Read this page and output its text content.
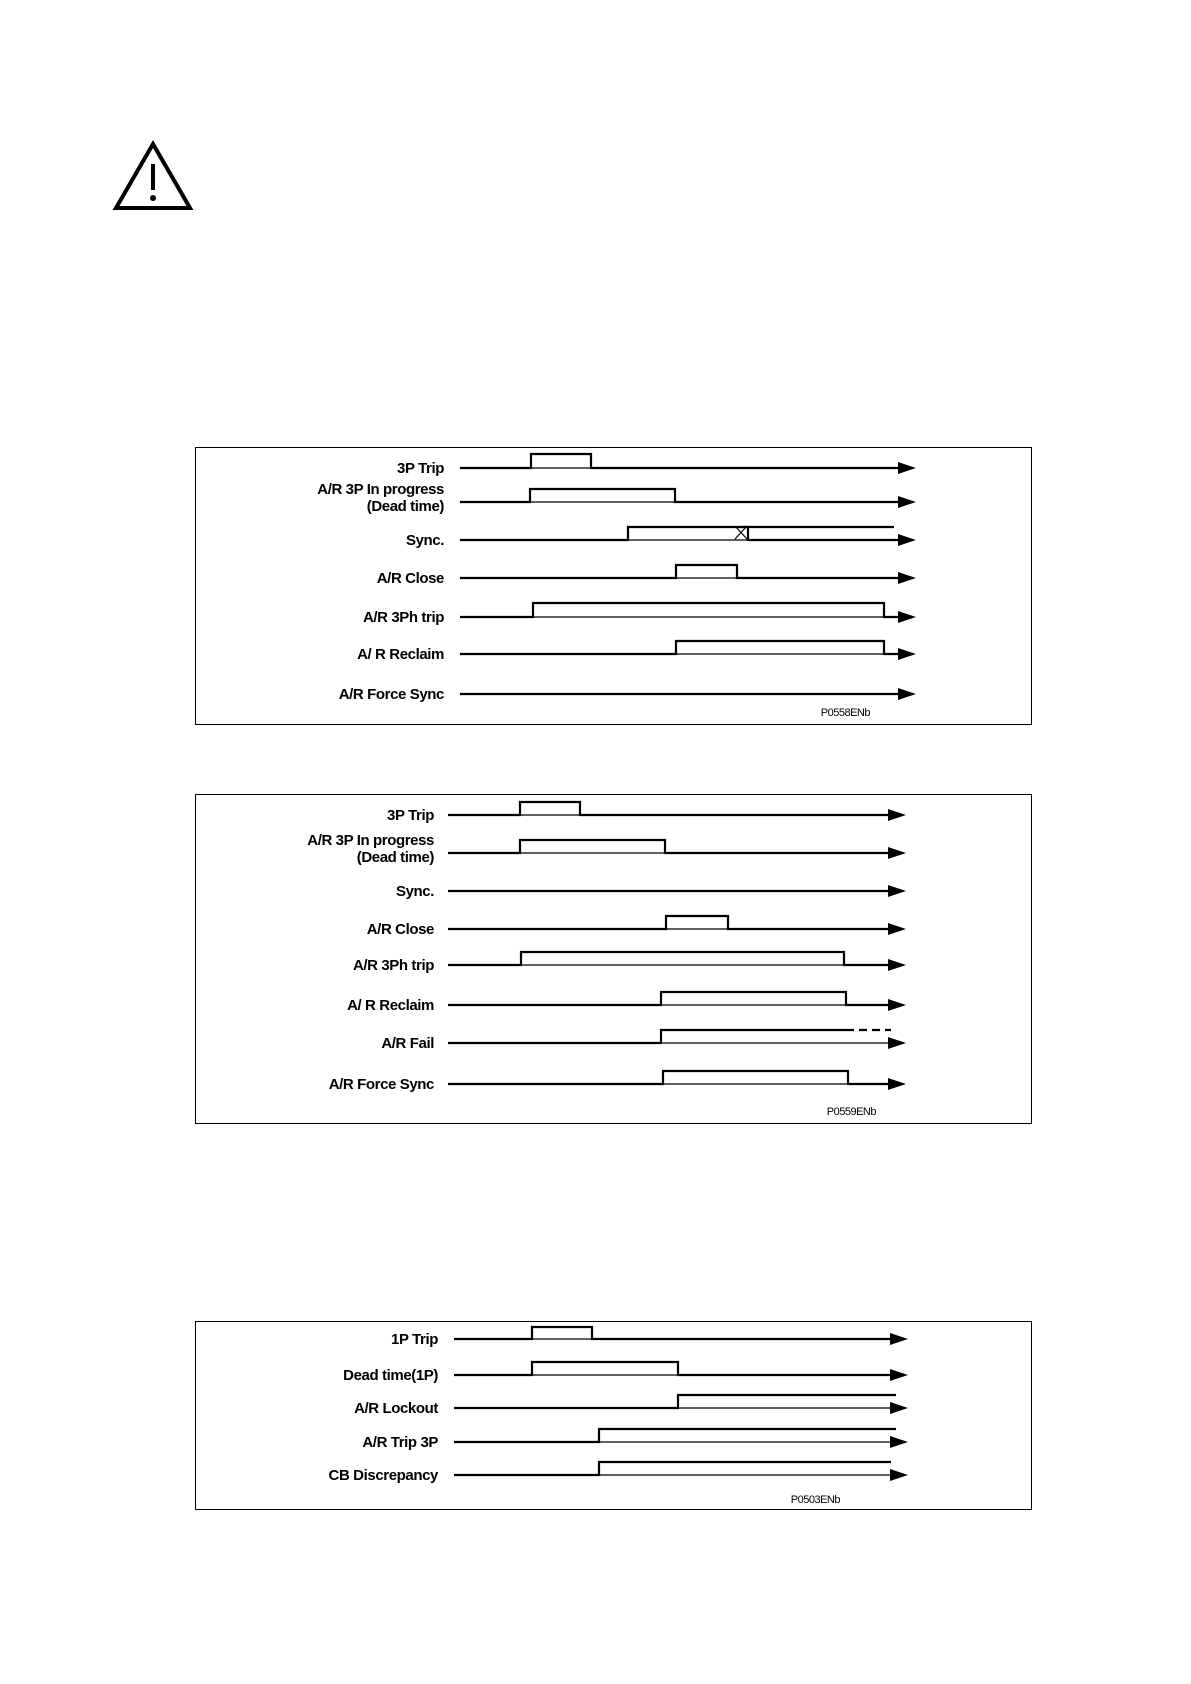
3P Trip
A/R 3P In progress
(Dead time)
Sync.
A/R Close
A/R 3Ph trip
A/ R Reclaim
A/R Force Sync
P0558ENb
3P Trip
A/R 3P In progress
(Dead time)
Sync.
A/R Close
A/R 3Ph trip
A/ R Reclaim
A/R Fail
A/R Force Sync
P0559ENb
1P Trip
Dead time(1P)
A/R Lockout
A/R Trip 3P
CB Discrepancy
P0503ENb
